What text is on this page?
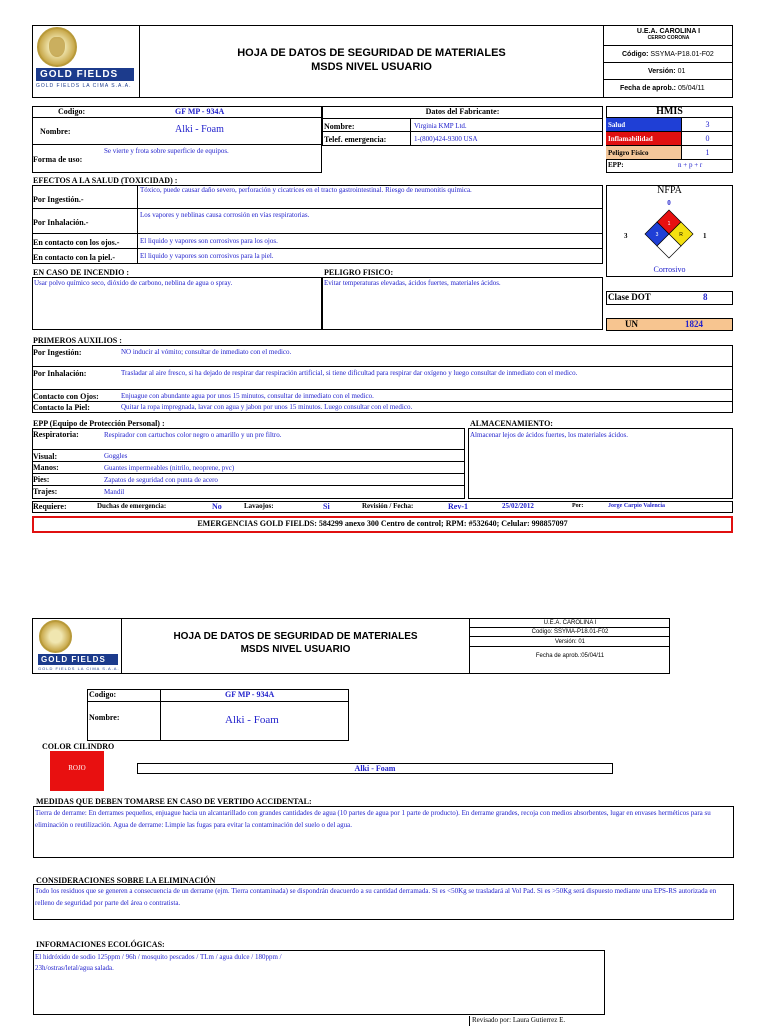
GOLD FIELDS
GOLD FIELDS LA CIMA S.A.A.
HOJA DE DATOS DE SEGURIDAD DE MATERIALES
MSDS NIVEL USUARIO
U.E.A. CAROLINA I
CERRO CORONA
Código: SSYMA-P18.01-F02
Versión: 01
Fecha de aprob.: 05/04/11
Codigo:	GF MP - 934A
Nombre:	Alki - Foam
Forma de uso:
Se vierte y frota sobre superficie de equipos.
Datos del Fabricante:
Nombre:	Virginia KMP Ltd.
Telef. emergencia:	1-(800)424-9300 USA
HMIS
Salud	3
Inflamabilidad	0
Peligro Físico	1
EPP:	n + p + r
EFECTOS A LA SALUD (TOXICIDAD) :
Por Ingestión.-
Tóxico, puede causar daño severo, perforación y cicatrices en el tracto gastrointestinal. Riesgo de neumonitis química.
Por Inhalación.-
Los vapores y neblinas causa corrosión en vías respiratorias.
En contacto con los ojos.-	El liquido y vapores son corrosivos para los ojos.
En contacto con la piel.-	El liquido y vapores son corrosivos para la piel.
NFPA
0
3	1
1
3	R
Corrosivo
EN CASO DE INCENDIO :
Usar polvo químico seco, dióxido de carbono, neblina de agua o spray.
PELIGRO FISICO:
Evitar temperaturas elevadas, ácidos fuertes, materiales ácidos.
Clase DOT	8
UN	1824
PRIMEROS AUXILIOS :
Por Ingestión:	NO inducir al vómito; consultar de inmediato con el medico.
Por Inhalación:	Trasladar al aire fresco, si ha dejado de respirar dar respiración artificial, si tiene dificultad para respirar dar oxígeno y luego consultar de inmediato con el medico.
Contacto con Ojos:	Enjuague con abundante agua por unos 15 minutos, consultar de inmediato con el medico.
Contacto la Piel:	Quitar la ropa impregnada, lavar con agua y jabon por unos 15 minutos. Luego consultar con el medico.
EPP (Equipo de Protección Personal) :
Respiratoria:	Respirador con cartuchos color negro o amarillo y un pre filtro.
Visual:	Goggles
Manos:	Guantes impermeables (nitrilo, neoprene, pvc)
Pies:	Zapatos de seguridad con punta de acero
Trajes:	Mandil
ALMACENAMIENTO:
Almacenar lejos de ácidos fuertes, los materiales ácidos.
Requiere:	Duchas de emergencia:	No	Lavaojos:	Si	Revisión / Fecha:	Rev-1	25/02/2012	Por:	Jorge Carpio Valencia
EMERGENCIAS GOLD FIELDS: 584299 anexo 300 Centro de control; RPM: #532640; Celular: 998857097
GOLD FIELDS
GOLD FIELDS LA CIMA S.A.A.
HOJA DE DATOS DE SEGURIDAD DE MATERIALES
MSDS NIVEL USUARIO
U.E.A. CAROLINA I
Codigo: SSYMA-P18.01-F02
Versión: 01
Fecha de aprob.:05/04/11
Codigo:	GF MP - 934A
Nombre:	Alki - Foam
COLOR CILINDRO
ROJO	Alki - Foam
MEDIDAS QUE DEBEN TOMARSE EN CASO DE VERTIDO ACCIDENTAL:
Tierra de derrame: En derrames pequeños, enjuague hacia un alcantarillado con grandes cantidades de agua (10 partes de agua por 1 parte de producto). En derrame grandes, recoja con medios absorbentes, lugar en envases herméticos para su eliminación o reutilización. Agua de derrame: Limpie las fugas para evitar la contaminación del suelo o del agua.
CONSIDERACIONES SOBRE LA ELIMINACIÓN
Todo los residuos que se generen a consecuencia de un derrame (ejm. Tierra contaminada) se dispondrán deacuerdo a su cantidad derramada. Si es <50Kg se trasladará al Vol Pad. Si es >50Kg será dispuesto mediante una EPS-RS autorizada en relleno de seguridad por parte del área o contratista.
INFORMACIONES ECOLÓGICAS:
El hidróxido de sodio 125ppm / 96h / mosquito pescados / TLm / agua dulce / 180ppm / 23h/ostras/letal/agua salada.
Revisado por: Laura Gutierrez E.
